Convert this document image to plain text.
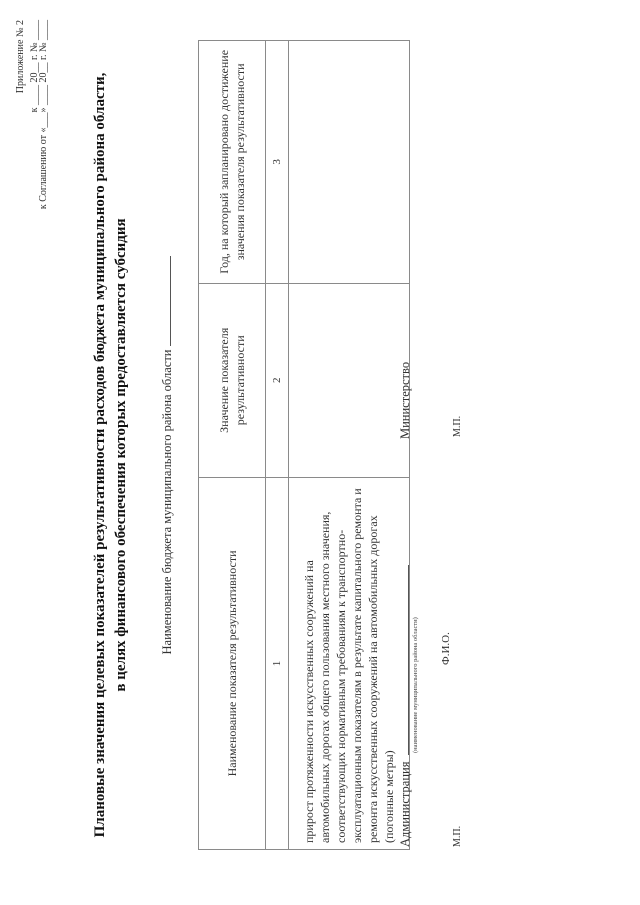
Приложение № 2 к ____ 20__ г. № ____
к Соглашению от «___» ____ 20__ г. № ____	Плановые значения целевых показателей результативности расходов бюджета муниципального района области, в целях финансового обеспечения которых предоставляется субсидия Наименование бюджета муниципального района области
Наименование показателя результативности	Значение показателя результативности	Год, на который запланировано достижение значения показателя результативности
1	2	3
прирост протяженности искусственных сооружений на автомобильных дорогах общего пользования местного значения, соответствующих нормативным требованиям к транспортно-эксплуатационным показателям в результате капитального ремонта и ремонта искусственных сооружений на автомобильных дорогах (погонные метры)		Администрация
(наименование муниципального района области) Ф.И.О.
М.П.
Министерство	М.П.
